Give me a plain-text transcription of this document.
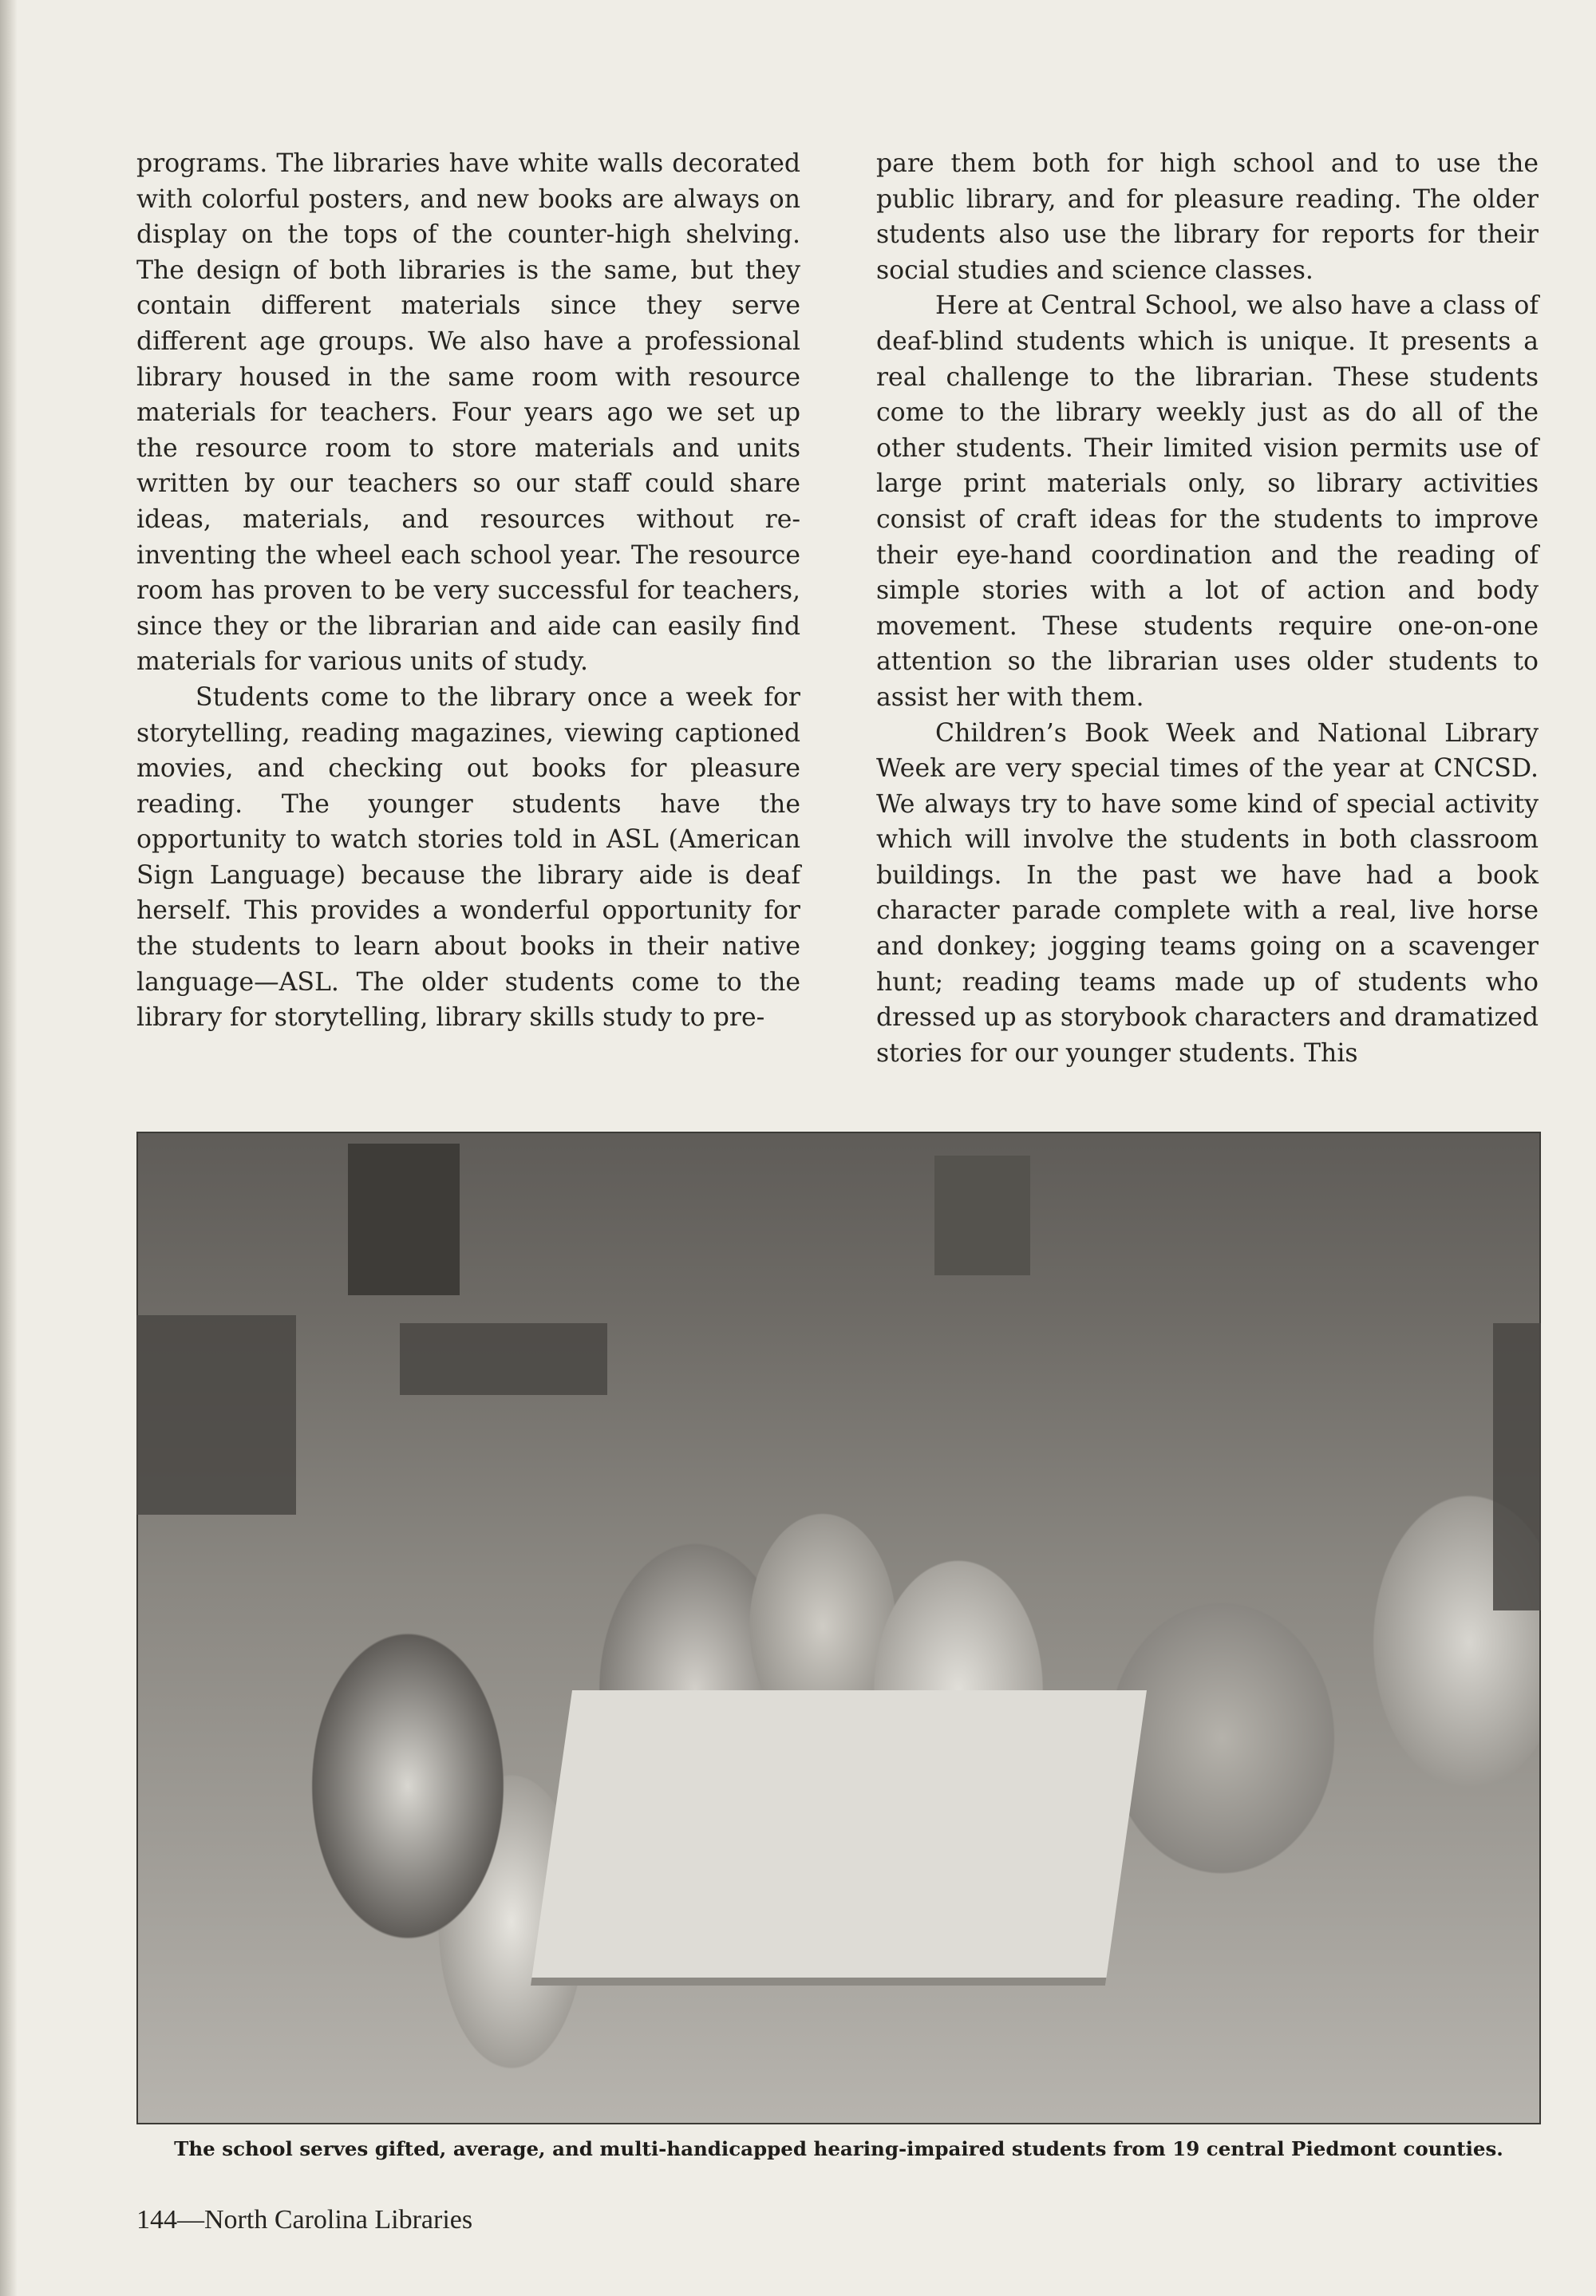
programs. The libraries have white walls decorated with colorful posters, and new books are always on display on the tops of the counter-high shelving. The design of both libraries is the same, but they contain different materials since they serve different age groups. We also have a professional library housed in the same room with resource materials for teachers. Four years ago we set up the resource room to store materials and units written by our teachers so our staff could share ideas, materials, and resources without re-inventing the wheel each school year. The resource room has proven to be very successful for teachers, since they or the librarian and aide can easily find materials for various units of study.

Students come to the library once a week for storytelling, reading magazines, viewing captioned movies, and checking out books for pleasure reading. The younger students have the opportunity to watch stories told in ASL (American Sign Language) because the library aide is deaf herself. This provides a wonderful opportunity for the students to learn about books in their native language—ASL. The older students come to the library for storytelling, library skills study to pre-

pare them both for high school and to use the public library, and for pleasure reading. The older students also use the library for reports for their social studies and science classes.

Here at Central School, we also have a class of deaf-blind students which is unique. It presents a real challenge to the librarian. These students come to the library weekly just as do all of the other students. Their limited vision permits use of large print materials only, so library activities consist of craft ideas for the students to improve their eye-hand coordination and the reading of simple stories with a lot of action and body movement. These students require one-on-one attention so the librarian uses older students to assist her with them.

Children’s Book Week and National Library Week are very special times of the year at CNCSD. We always try to have some kind of special activity which will involve the students in both classroom buildings. In the past we have had a book character parade complete with a real, live horse and donkey; jogging teams going on a scavenger hunt; reading teams made up of students who dressed up as storybook characters and dramatized stories for our younger students. This

The school serves gifted, average, and multi-handicapped hearing-impaired students from 19 central Piedmont counties.
144—North Carolina Libraries
